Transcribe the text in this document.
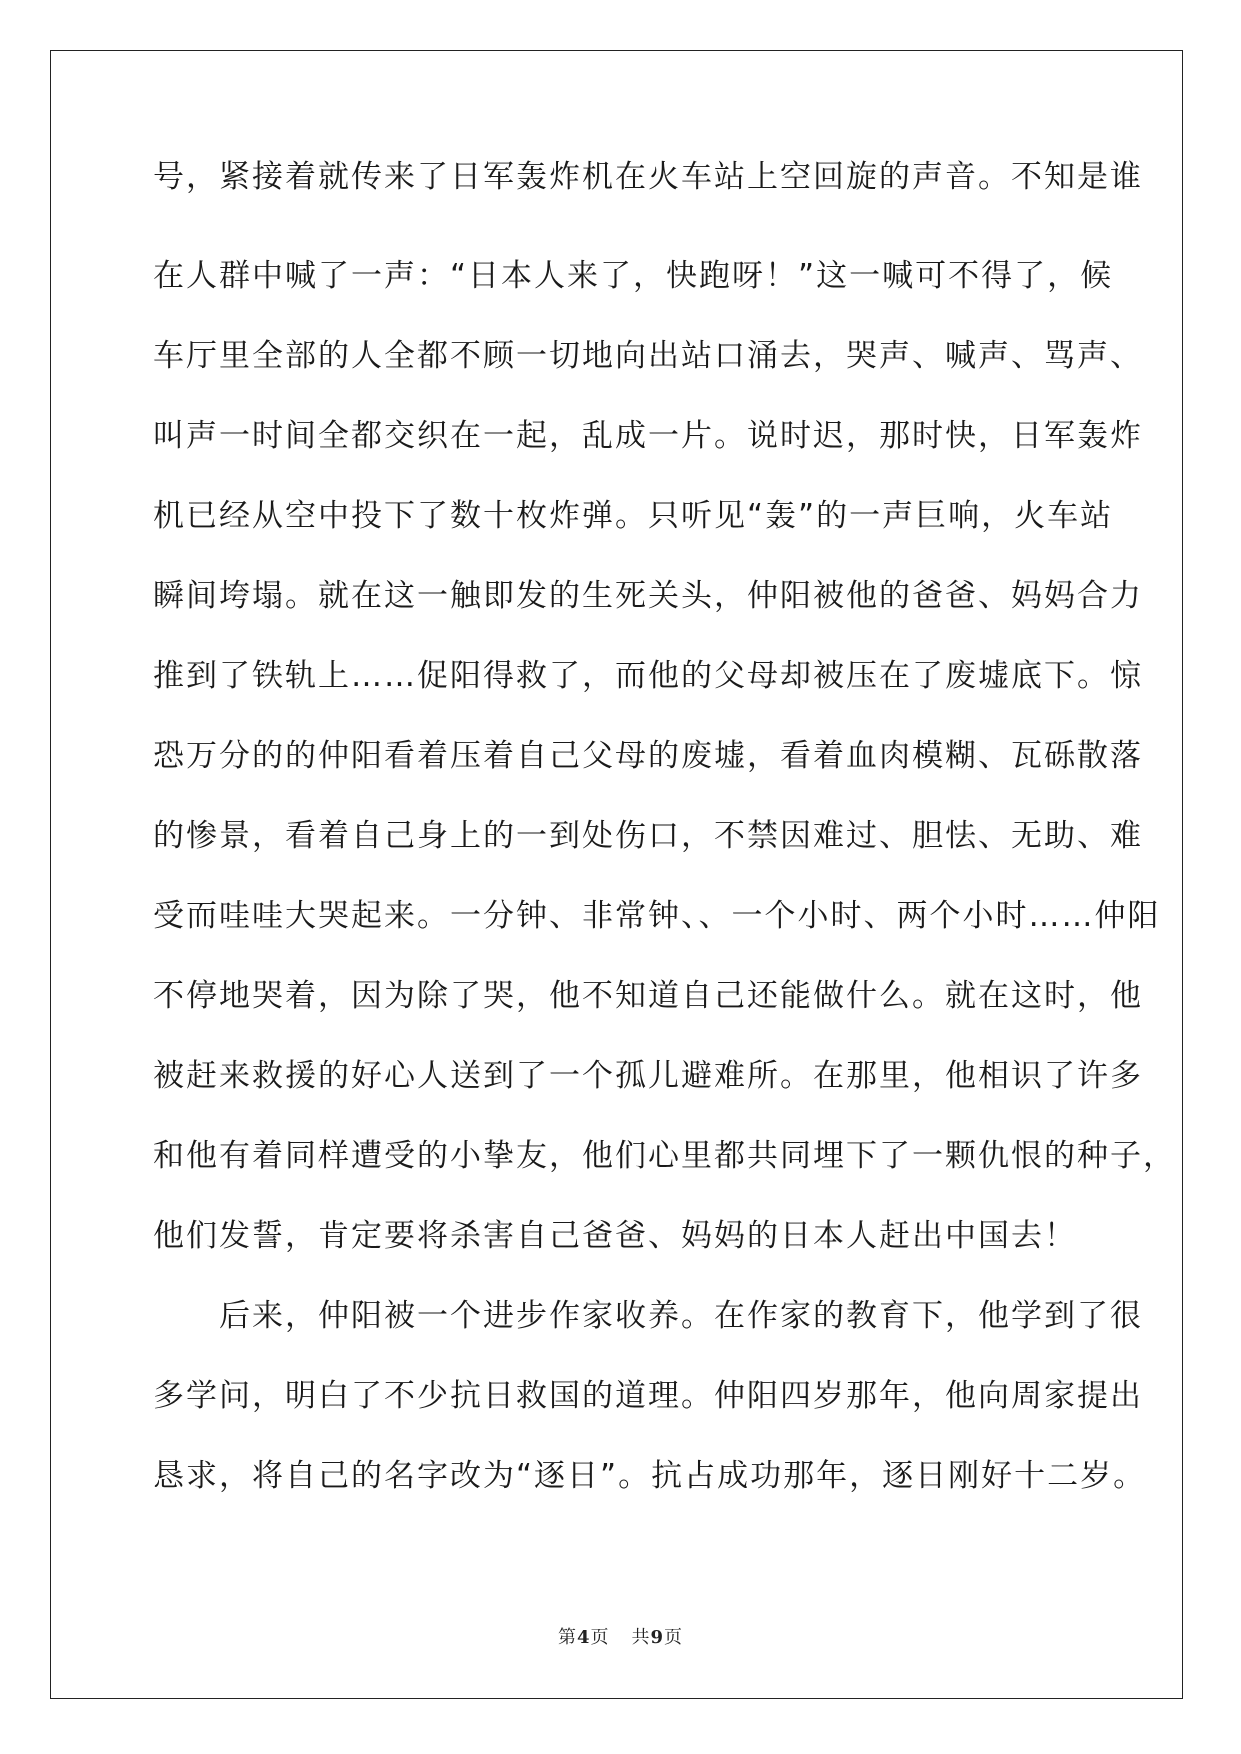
号，紧接着就传来了日军轰炸机在火车站上空回旋的声音。不知是谁
在人群中喊了一声：“日本人来了，快跑呀！”这一喊可不得了，候
车厅里全部的人全都不顾一切地向出站口涌去，哭声、喊声、骂声、
叫声一时间全都交织在一起，乱成一片。说时迟，那时快，日军轰炸
机已经从空中投下了数十枚炸弹。只听见“轰”的一声巨响，火车站
瞬间垮塌。就在这一触即发的生死关头，仲阳被他的爸爸、妈妈合力
推到了铁轨上……促阳得救了，而他的父母却被压在了废墟底下。惊
恐万分的的仲阳看着压着自己父母的废墟，看着血肉模糊、瓦砾散落
的惨景，看着自己身上的一到处伤口，不禁因难过、胆怯、无助、难
受而哇哇大哭起来。一分钟、非常钟、、一个小时、两个小时……仲阳
不停地哭着，因为除了哭，他不知道自己还能做什么。就在这时，他
被赶来救援的好心人送到了一个孤儿避难所。在那里，他相识了许多
和他有着同样遭受的小挚友，他们心里都共同埋下了一颗仇恨的种子，
他们发誓，肯定要将杀害自己爸爸、妈妈的日本人赶出中国去！
　　后来，仲阳被一个进步作家收养。在作家的教育下，他学到了很
多学问，明白了不少抗日救国的道理。仲阳四岁那年，他向周家提出
恳求，将自己的名字改为“逐日”。抗占成功那年，逐日刚好十二岁。
第4页 共9页
